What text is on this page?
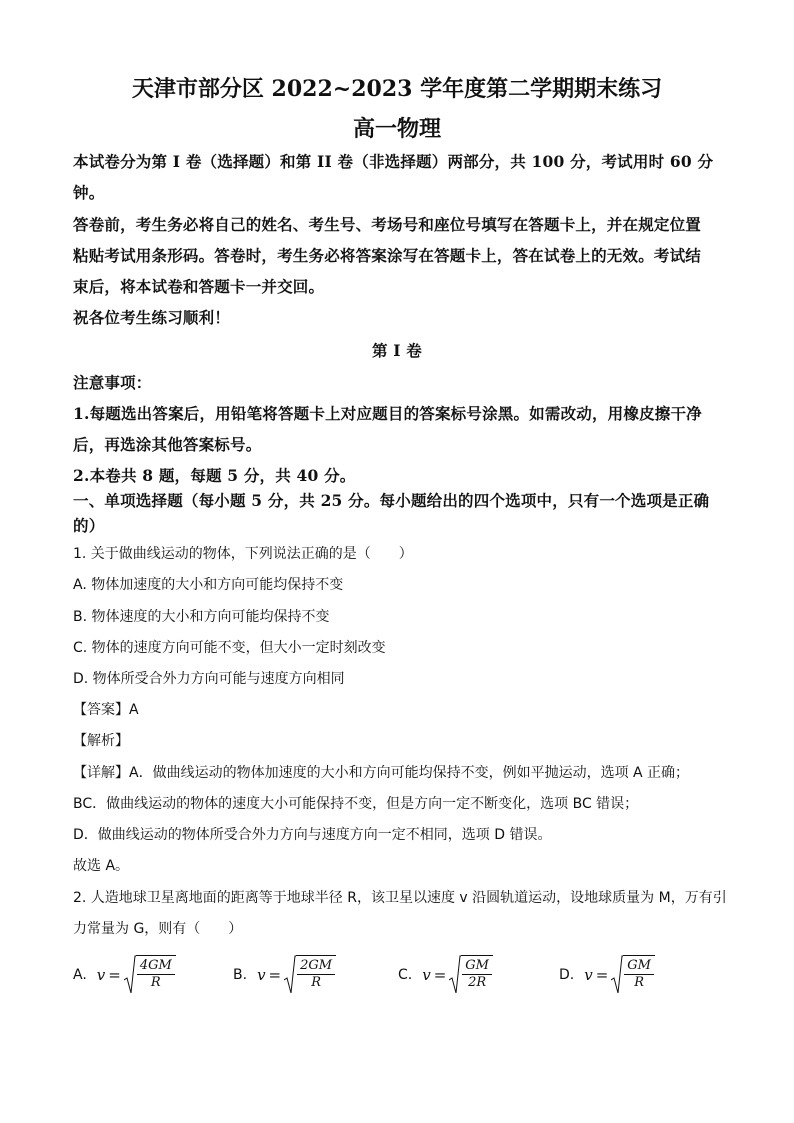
天津市部分区 2022~2023 学年度第二学期期末练习
高一物理
本试卷分为第 I 卷（选择题）和第 II 卷（非选择题）两部分，共 100 分，考试用时 60 分
钟。
答卷前，考生务必将自己的姓名、考生号、考场号和座位号填写在答题卡上，并在规定位置
粘贴考试用条形码。答卷时，考生务必将答案涂写在答题卡上，答在试卷上的无效。考试结
束后，将本试卷和答题卡一并交回。
祝各位考生练习顺利！
第 I 卷
注意事项：
1.每题选出答案后，用铅笔将答题卡上对应题目的答案标号涂黑。如需改动，用橡皮擦干净
后，再选涂其他答案标号。
2.本卷共 8 题，每题 5 分，共 40 分。
一、单项选择题（每小题 5 分，共 25 分。每小题给出的四个选项中，只有一个选项是正确
的）
1. 关于做曲线运动的物体，下列说法正确的是（　　）
A. 物体加速度的大小和方向可能均保持不变
B. 物体速度的大小和方向可能均保持不变
C. 物体的速度方向可能不变，但大小一定时刻改变
D. 物体所受合外力方向可能与速度方向相同
【答案】A
【解析】
【详解】A．做曲线运动的物体加速度的大小和方向可能均保持不变，例如平抛运动，选项 A 正确；
BC．做曲线运动的物体的速度大小可能保持不变，但是方向一定不断变化，选项 BC 错误；
D．做曲线运动的物体所受合外力方向与速度方向一定不相同，选项 D 错误。
故选 A。
2. 人造地球卫星离地面的距离等于地球半径 R，该卫星以速度 v 沿圆轨道运动，设地球质量为 M，万有引
力常量为 G，则有（　　）
A. $v = \frac{4GM}{R}$	B. $v = \frac{2GM}{R}$	C. $v = \frac{GM}{2R}$	D. $v = \frac{GM}{R}$
